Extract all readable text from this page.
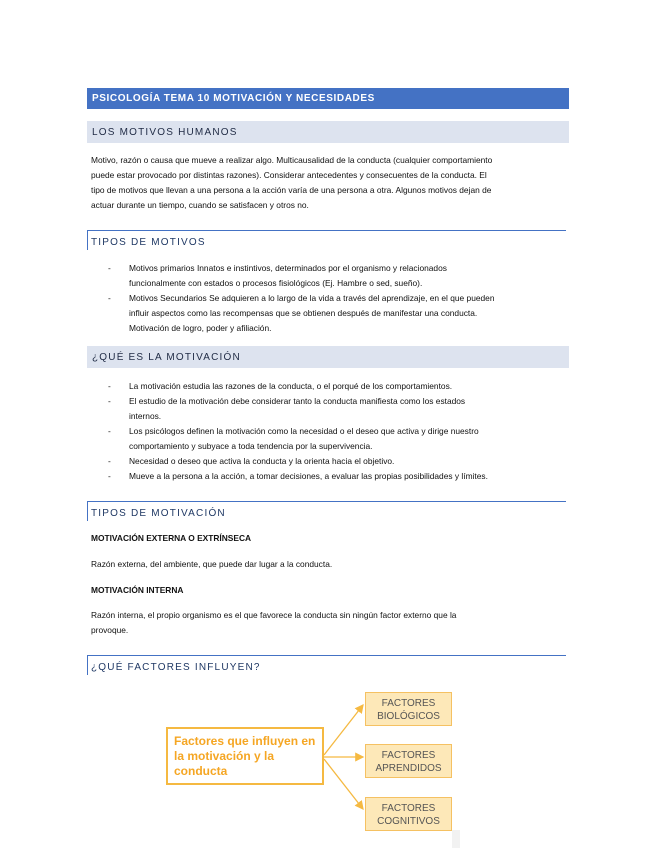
PSICOLOGÍA TEMA 10 MOTIVACIÓN Y NECESIDADES
LOS MOTIVOS HUMANOS
Motivo, razón o causa que mueve a realizar algo. Multicausalidad de la conducta (cualquier comportamiento
puede estar provocado por distintas razones). Considerar antecedentes y consecuentes de la conducta. El
tipo de motivos que llevan a una persona a la acción varía de una persona a otra. Algunos motivos dejan de
actuar durante un tiempo, cuando se satisfacen y otros no.
TIPOS DE MOTIVOS
- Motivos primarios Innatos e instintivos, determinados por el organismo y relacionados
funcionalmente con estados o procesos fisiológicos (Ej. Hambre o sed, sueño).
- Motivos Secundarios Se adquieren a lo largo de la vida a través del aprendizaje, en el que pueden
influir aspectos como las recompensas que se obtienen después de manifestar una conducta.
Motivación de logro, poder y afiliación.
¿QUÉ ES LA MOTIVACIÓN
- La motivación estudia las razones de la conducta, o el porqué de los comportamientos.
- El estudio de la motivación debe considerar tanto la conducta manifiesta como los estados
internos.
- Los psicólogos definen la motivación como la necesidad o el deseo que activa y dirige nuestro
comportamiento y subyace a toda tendencia por la supervivencia.
- Necesidad o deseo que activa la conducta y la orienta hacia el objetivo.
- Mueve a la persona a la acción, a tomar decisiones, a evaluar las propias posibilidades y límites.
TIPOS DE MOTIVACIÓN
MOTIVACIÓN EXTERNA O EXTRÍNSECA
Razón externa, del ambiente, que puede dar lugar a la conducta.
MOTIVACIÓN INTERNA
Razón interna, el propio organismo es el que favorece la conducta sin ningún factor externo que la
provoque.
¿QUÉ FACTORES INFLUYEN?
Factores que influyen en
la motivación y la
conducta
FACTORES
BIOLÓGICOS
FACTORES
APRENDIDOS
FACTORES
COGNITIVOS
